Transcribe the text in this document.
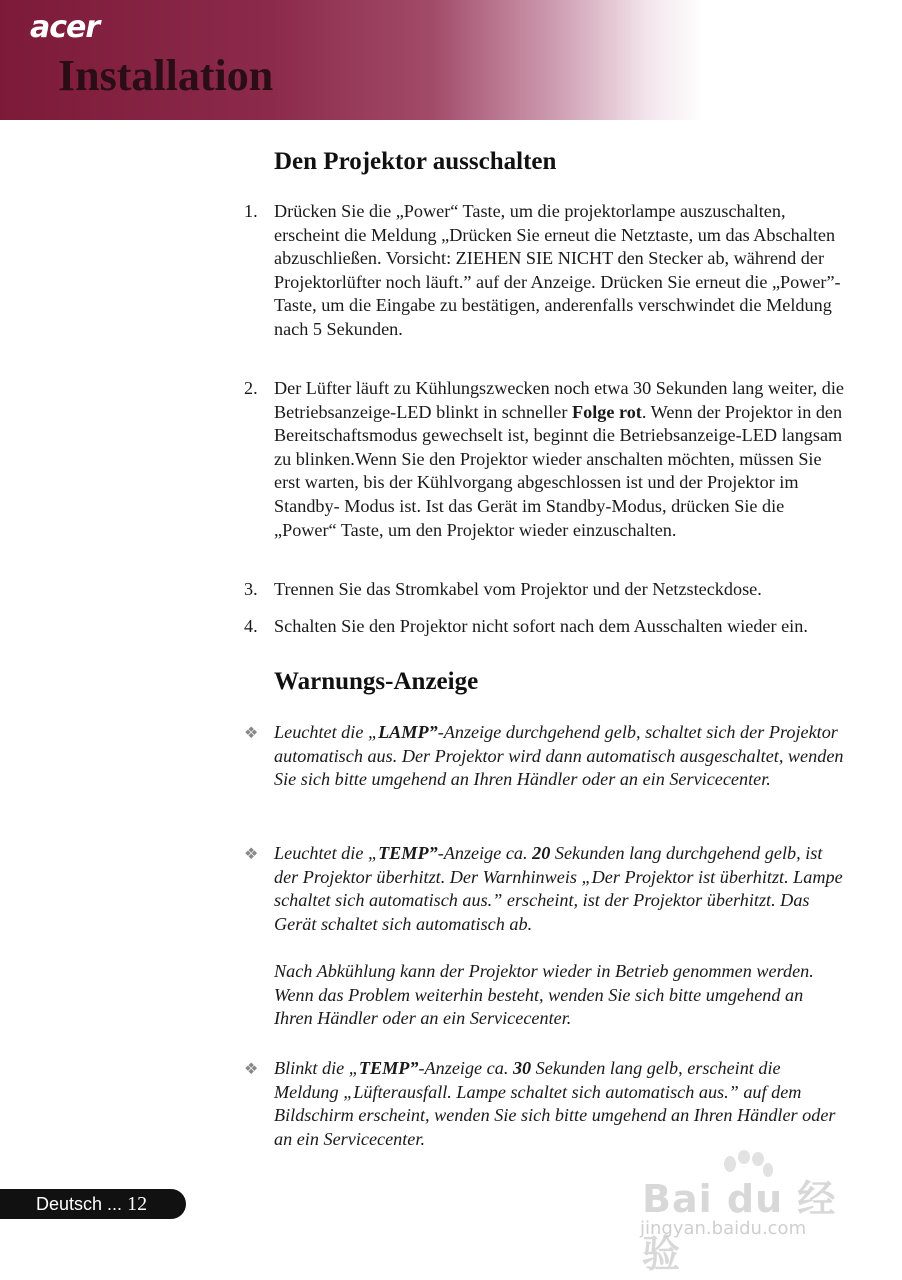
acer
Installation
Den Projektor ausschalten
1. Drücken Sie die „Power“ Taste, um die projektorlampe auszuschalten, erscheint die Meldung „Drücken Sie erneut die Netztaste, um das Abschalten abzuschließen. Vorsicht: ZIEHEN SIE NICHT den Stecker ab, während der Projektorlüfter noch läuft.” auf der Anzeige. Drücken Sie erneut die „Power”-Taste, um die Eingabe zu bestätigen, anderenfalls verschwindet die Meldung nach 5 Sekunden.
2. Der Lüfter läuft zu Kühlungszwecken noch etwa 30 Sekunden lang weiter, die Betriebsanzeige-LED blinkt in schneller Folge rot. Wenn der Projektor in den Bereitschaftsmodus gewechselt ist, beginnt die Betriebsanzeige-LED langsam zu blinken.Wenn Sie den Projektor wieder anschalten möchten, müssen Sie erst warten, bis der Kühlvorgang abgeschlossen ist und der Projektor im Standby- Modus ist. Ist das Gerät im Standby-Modus, drücken Sie die „Power“ Taste, um den Projektor wieder einzuschalten.
3. Trennen Sie das Stromkabel vom Projektor und der Netzsteckdose.
4. Schalten Sie den Projektor nicht sofort nach dem Ausschalten wieder ein.
Warnungs-Anzeige
❖ Leuchtet die „LAMP”-Anzeige durchgehend gelb, schaltet sich der Projektor automatisch aus. Der Projektor wird dann automatisch ausgeschaltet, wenden Sie sich bitte umgehend an Ihren Händler oder an ein Servicecenter.

❖ Leuchtet die „TEMP”-Anzeige ca. 20 Sekunden lang durchgehend gelb, ist der Projektor überhitzt. Der Warnhinweis „Der Projektor ist überhitzt. Lampe schaltet sich automatisch aus.” erscheint, ist der Projektor überhitzt. Das Gerät schaltet sich automatisch ab.

Nach Abkühlung kann der Projektor wieder in Betrieb genommen werden. Wenn das Problem weiterhin besteht, wenden Sie sich bitte umgehend an Ihren Händler oder an ein Servicecenter.

❖ Blinkt die „TEMP”-Anzeige ca. 30 Sekunden lang gelb, erscheint die Meldung „Lüfterausfall. Lampe schaltet sich automatisch aus.” auf dem Bildschirm erscheint, wenden Sie sich bitte umgehend an Ihren Händler oder an ein Servicecenter.

Bai du 经验
jingyan.baidu.com
Deutsch ... 12
